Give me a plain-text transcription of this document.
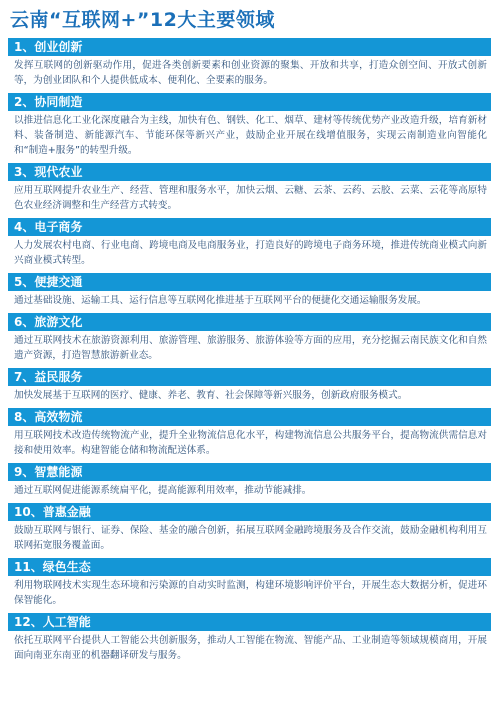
云南“互联网+”12大主要领域
1、创业创新
发挥互联网的创新驱动作用，促进各类创新要素和创业资源的聚集、开放和共享，打造众创空间、开放式创新等，为创业团队和个人提供低成本、便利化、全要素的服务。
2、协同制造
以推进信息化工业化深度融合为主线，加快有色、钢铁、化工、烟草、建材等传统优势产业改造升级，培育新材料、装备制造、新能源汽车、节能环保等新兴产业，鼓励企业开展在线增值服务，实现云南制造业向智能化和“制造+服务”的转型升级。
3、现代农业
应用互联网提升农业生产、经营、管理和服务水平，加快云烟、云糖、云茶、云药、云胶、云菜、云花等高原特色农业经济调整和生产经营方式转变。
4、电子商务
人力发展农村电商、行业电商、跨境电商及电商服务业，打造良好的跨境电子商务环境，推进传统商业模式向新兴商业模式转型。
5、便捷交通
通过基础设施、运输工具、运行信息等互联网化推进基于互联网平台的便捷化交通运输服务发展。
6、旅游文化
通过互联网技术在旅游资源利用、旅游管理、旅游服务、旅游体验等方面的应用，充分挖掘云南民族文化和自然遗产资源，打造智慧旅游新业态。
7、益民服务
加快发展基于互联网的医疗、健康、养老、教育、社会保障等新兴服务，创新政府服务模式。
8、高效物流
用互联网技术改造传统物流产业，提升全业物流信息化水平，构建物流信息公共服务平台，提高物流供需信息对接和使用效率。构建智能仓储和物流配送体系。
9、智慧能源
通过互联网促进能源系统扁平化，提高能源利用效率，推动节能减排。
10、普惠金融
鼓励互联网与银行、证券、保险、基金的融合创新，拓展互联网金融跨境服务及合作交流，鼓励金融机构利用互联网拓宽服务覆盖面。
11、绿色生态
利用物联网技术实现生态环境和污染源的自动实时监测，构建环境影响评价平台，开展生态大数据分析，促进环保智能化。
12、人工智能
依托互联网平台提供人工智能公共创新服务，推动人工智能在物流、智能产品、工业制造等领域规模商用，开展面向南亚东南亚的机器翻译研发与服务。
